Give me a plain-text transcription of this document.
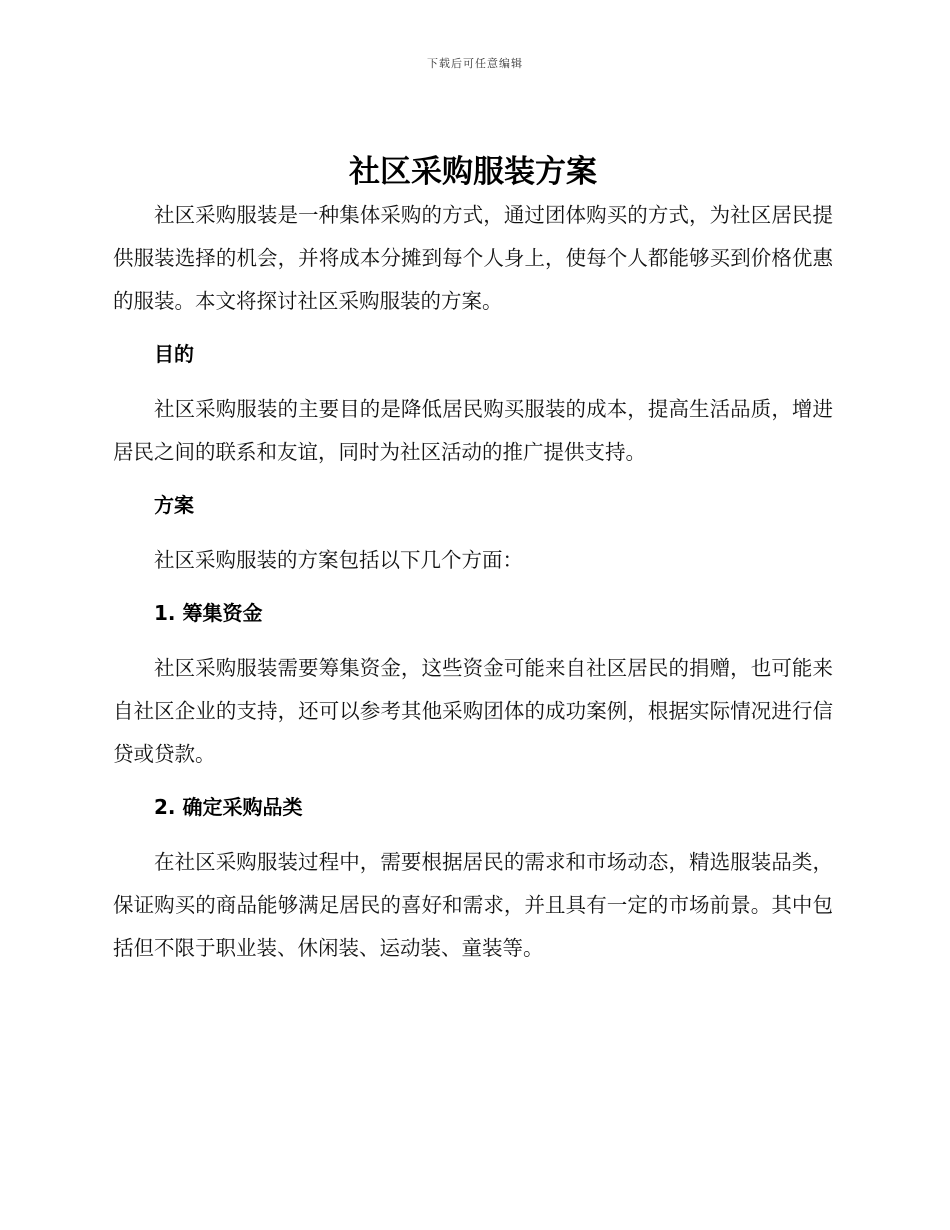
下载后可任意编辑
社区采购服装方案

社区采购服装是一种集体采购的方式，通过团体购买的方式，为社区居民提供服装选择的机会，并将成本分摊到每个人身上，使每个人都能够买到价格优惠的服装。本文将探讨社区采购服装的方案。

目的

社区采购服装的主要目的是降低居民购买服装的成本，提高生活品质，增进居民之间的联系和友谊，同时为社区活动的推广提供支持。

方案

社区采购服装的方案包括以下几个方面：

1. 筹集资金

社区采购服装需要筹集资金，这些资金可能来自社区居民的捐赠，也可能来自社区企业的支持，还可以参考其他采购团体的成功案例，根据实际情况进行信贷或贷款。

2. 确定采购品类

在社区采购服装过程中，需要根据居民的需求和市场动态，精选服装品类，保证购买的商品能够满足居民的喜好和需求，并且具有一定的市场前景。其中包括但不限于职业装、休闲装、运动装、童装等。
